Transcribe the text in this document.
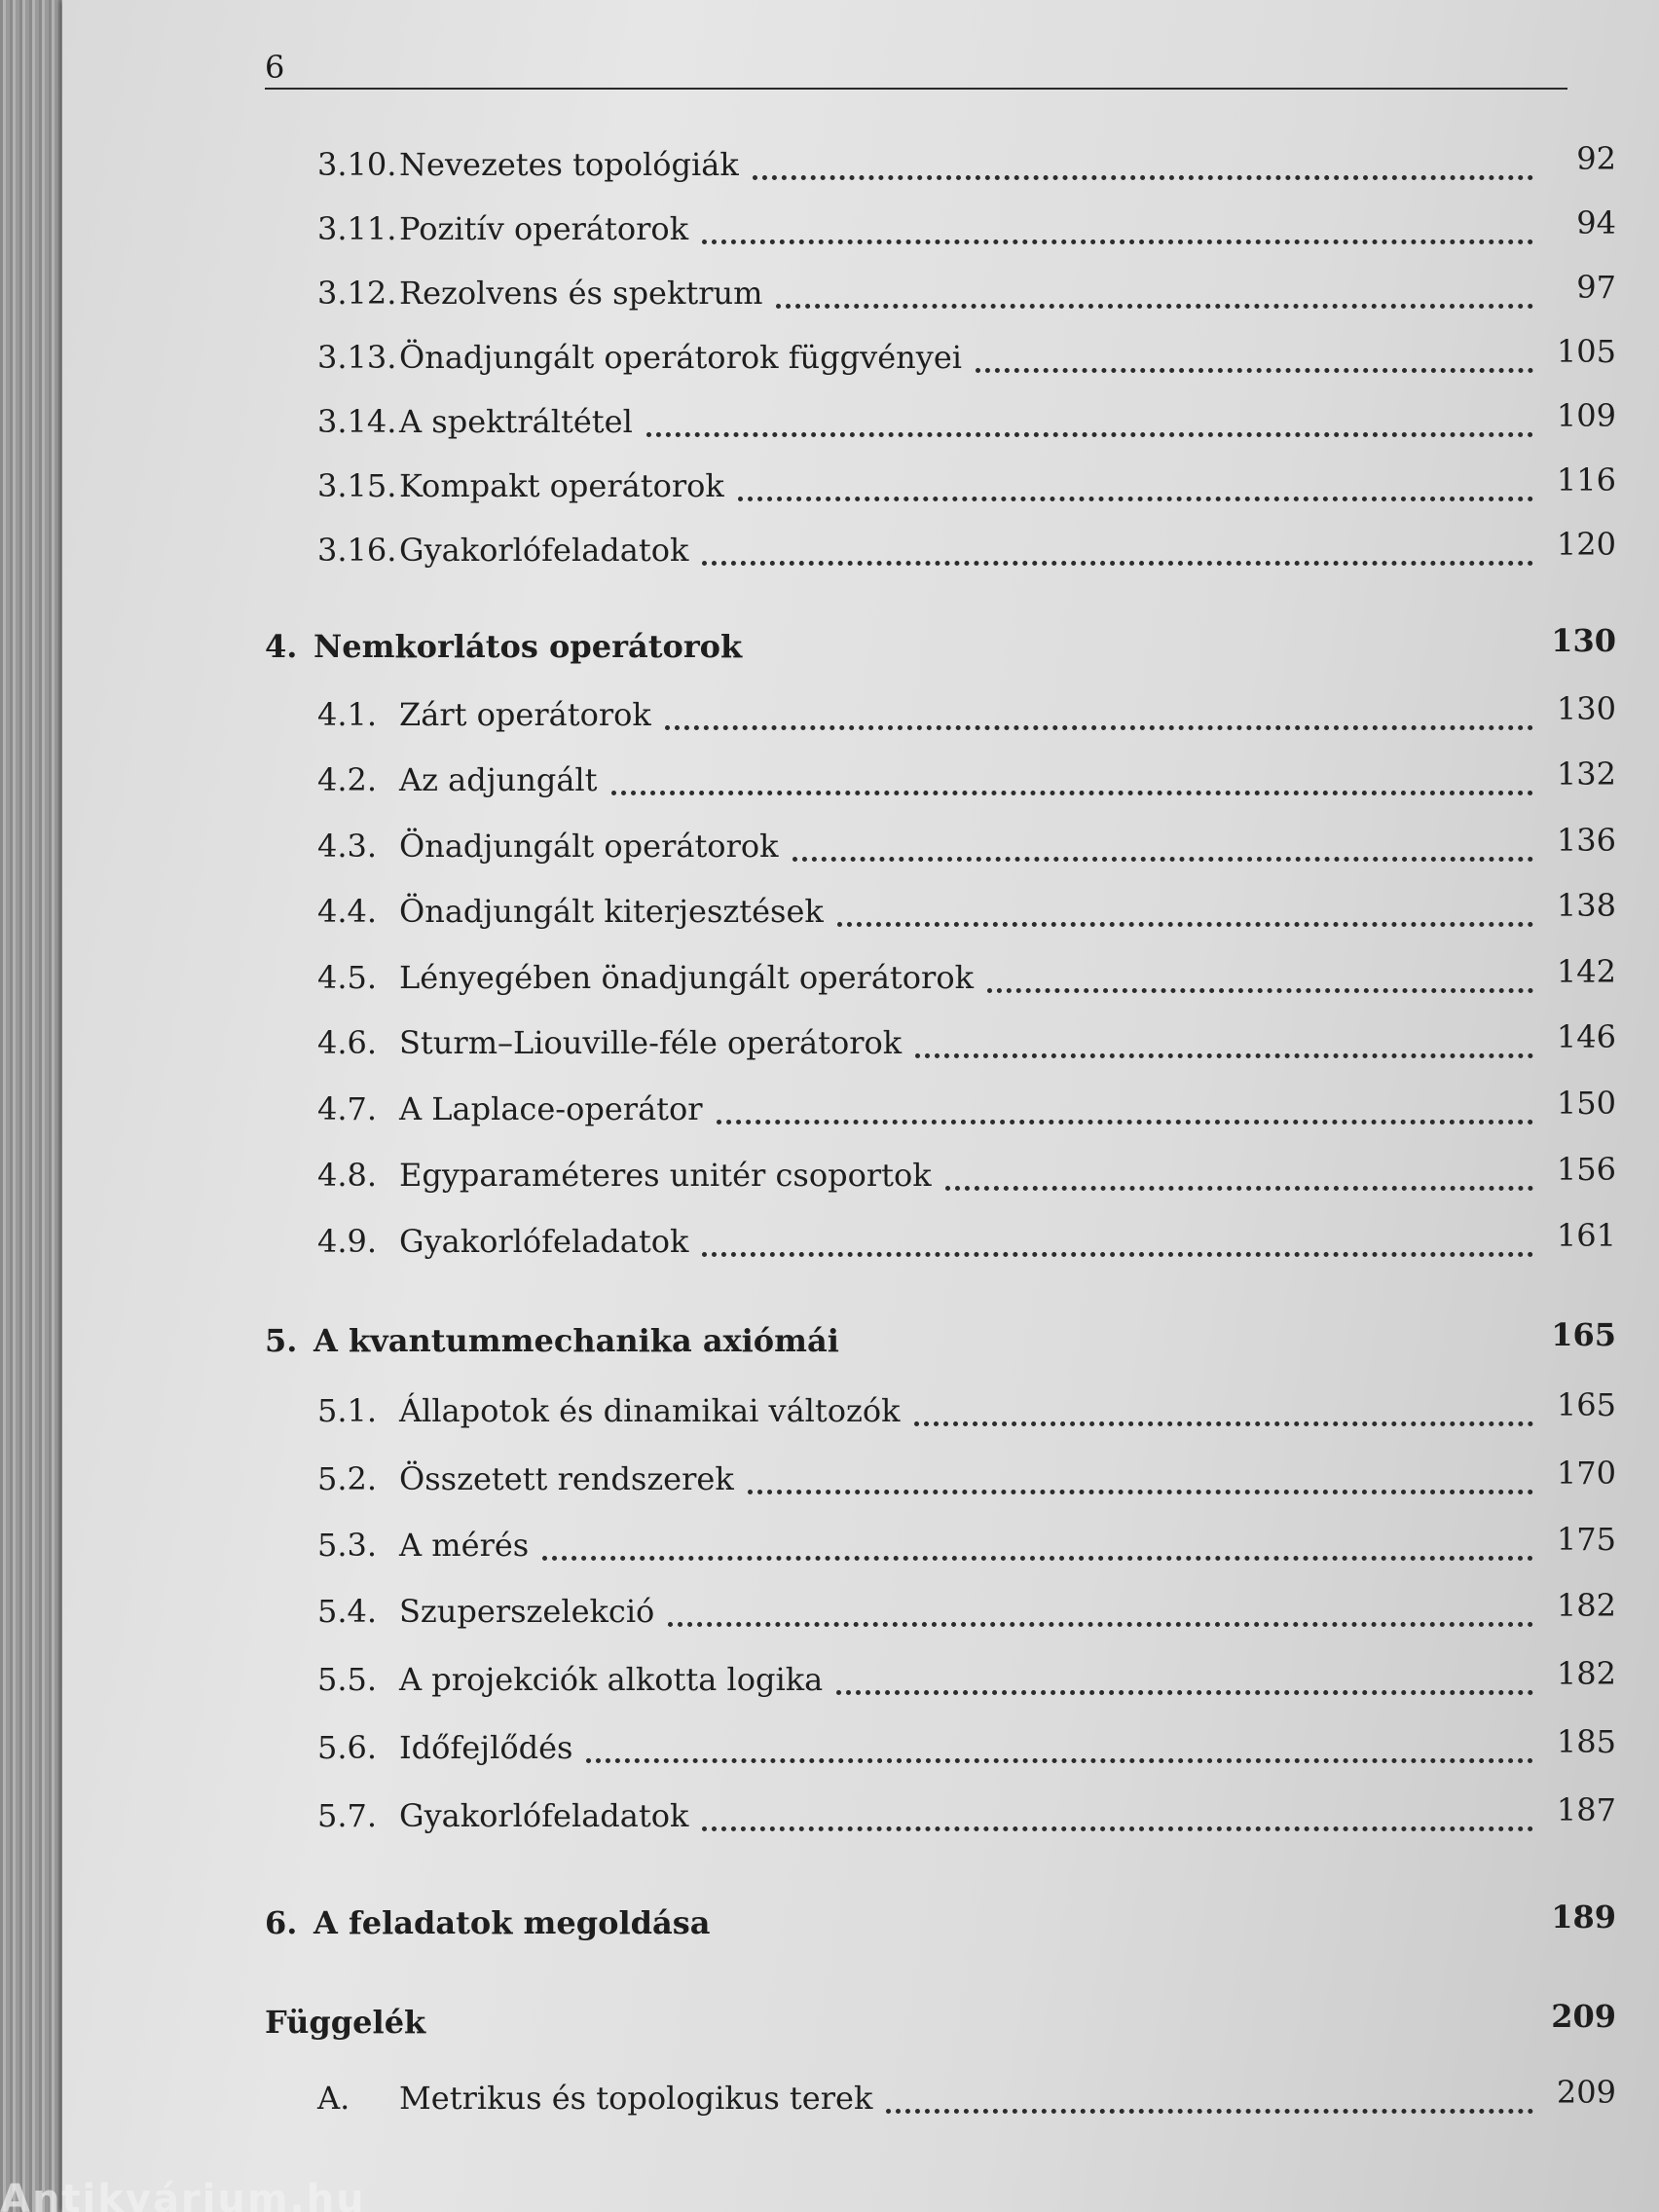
6
3.10. Nevezetes topológiák	92
3.11. Pozitív operátorok	94
3.12. Rezolvens és spektrum	97
3.13. Önadjungált operátorok függvényei	105
3.14. A spektráltétel	109
3.15. Kompakt operátorok	116
3.16. Gyakorlófeladatok	120
4. Nemkorlátos operátorok	130
4.1. Zárt operátorok	130
4.2. Az adjungált	132
4.3. Önadjungált operátorok	136
4.4. Önadjungált kiterjesztések	138
4.5. Lényegében önadjungált operátorok	142
4.6. Sturm–Liouville-féle operátorok	146
4.7. A Laplace-operátor	150
4.8. Egyparaméteres unitér csoportok	156
4.9. Gyakorlófeladatok	161
5. A kvantummechanika axiómái	165
5.1. Állapotok és dinamikai változók	165
5.2. Összetett rendszerek	170
5.3. A mérés	175
5.4. Szuperszelekció	182
5.5. A projekciók alkotta logika	182
5.6. Időfejlődés	185
5.7. Gyakorlófeladatok	187
6. A feladatok megoldása	189
Függelék	209
A. Metrikus és topologikus terek	209
Antikvárium.hu
